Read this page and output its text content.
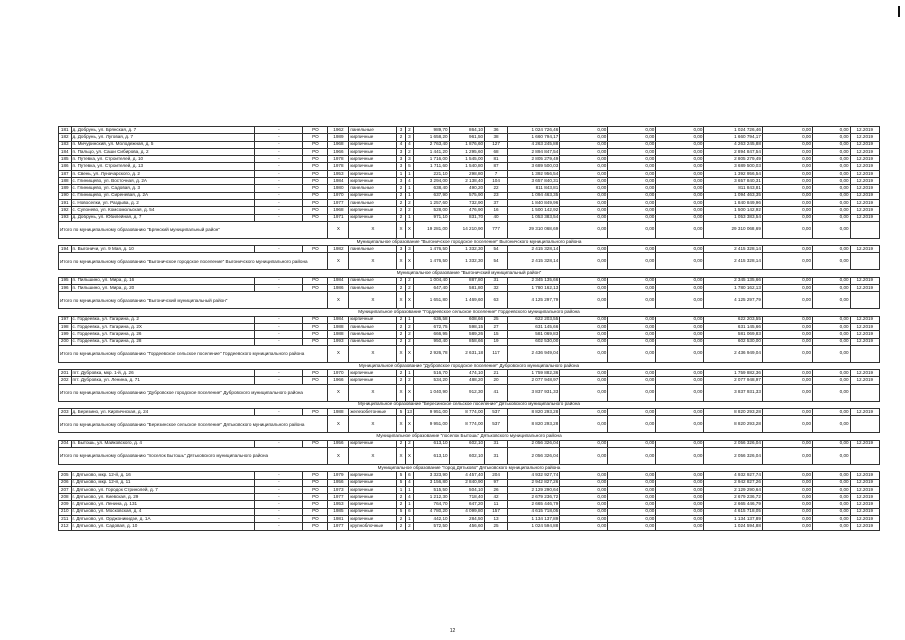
181	д. Добрунь, ул. Брянская, д. 7	-	РО	1962	панельные	3	2	989,70	864,10	36	1 024 726,46	0,00	0,00	0,00	1 024 726,46	0,00	0,00	12.2019
182	д. Добрунь, ул. Луговая, д. 7	-	РО	1989	кирпичные	2	3	1 658,20	961,50	38	1 660 794,17	0,00	0,00	0,00	1 660 794,17	0,00	0,00	12.2019
183	п. Мичуринский, ул. Молодежная, д. 5	-	РО	1968	кирпичные	4	4	2 763,40	1 876,60	127	4 263 245,88	0,00	0,00	0,00	4 263 245,88	0,00	0,00	12.2019
184	п. Пальцо, ул. Саши Сибирова, д. 2	-	РО	1966	кирпичные	3	2	1 441,20	1 295,60	68	2 894 847,54	0,00	0,00	0,00	2 894 847,54	0,00	0,00	12.2019
185	п. Путевка, ул. Строителей, д. 10	-	РО	1978	кирпичные	3	3	1 716,00	1 545,00	81	2 805 279,49	0,00	0,00	0,00	2 805 279,49	0,00	0,00	12.2019
186	п. Путевка, ул. Строителей, д. 13	-	РО	1978	кирпичные	3	5	1 711,60	1 540,80	87	3 689 500,03	0,00	0,00	0,00	3 689 500,03	0,00	0,00	12.2019
187	п. Свень, ул. Луначарского, д. 2	-	РО	1953	кирпичные	1	1	221,10	298,80	7	1 392 956,54	0,00	0,00	0,00	1 392 956,54	0,00	0,00	12.2019
188	с. Глинищево, ул. Восточная, д. 2А	-	РО	1984	кирпичные	3	4	3 294,00	2 138,40	104	3 657 840,31	0,00	0,00	0,00	3 657 840,31	0,00	0,00	12.2019
189	с. Глинищево, ул. Садовая, д. 3	-	РО	1980	панельные	2	1	638,40	490,20	22	811 843,81	0,00	0,00	0,00	811 843,81	0,00	0,00	12.2019
190	с. Глинищево, ул. Сиреневая, д. 2А	-	РО	1970	кирпичные	2	1	637,90	575,90	23	1 094 463,35	0,00	0,00	0,00	1 094 463,35	0,00	0,00	12.2019
191	с. Новоселки, ул. Раздыва, д. 2	-	РО	1977	панельные	2	2	1 257,60	732,90	37	1 840 849,96	0,00	0,00	0,00	1 840 849,96	0,00	0,00	12.2019
192	с. Супонево, ул. Комсомольская, д. 54	-	РО	1968	кирпичные	2	2	528,00	476,90	16	1 500 142,92	0,00	0,00	0,00	1 500 142,92	0,00	0,00	12.2019
193	д. Добрунь, ул. Юбилейная, д. 7	-	РО	1971	кирпичные	2	1	971,10	831,70	40	1 053 383,54	0,00	0,00	0,00	1 053 383,54	0,00	0,00	12.2019
Итого по муниципальному образованию "Брянский муниципальный район"				X	X	X	X	19 281,00	14 210,90	777	29 310 068,69	0,00	0,00	0,00	29 310 068,69	0,00	0,00	
Муниципальное образование "Выгоничское городское поселение" Выгоничского муниципального района																		
194	п. Выгоничи, ул. 9 Мая, д. 10	-	РО	1982	панельные	3	3	1 476,50	1 332,30	54	2 415 328,14	0,00	0,00	0,00	2 415 328,14	0,00	0,00	12.2019
Итого по муниципальному образованию "Выгоничское городское поселение" Выгоничского муниципального района				X	X	X	X	1 476,50	1 332,30	54	2 415 328,14	0,00	0,00	0,00	2 415 328,14	0,00	0,00	
Муниципальное образование "Выгоничский муниципальный район"																		
195	п. Пильшино, ул. Мира, д. 16	-	РО	1984	панельные	2	2	1 004,40	887,80	31	2 345 135,66	0,00	0,00	0,00	2 345 135,66	0,00	0,00	12.2019
196	п. Пильшино, ул. Мира, д. 20	-	РО	1986	панельные	2	2	647,40	581,80	32	1 780 162,13	0,00	0,00	0,00	1 780 162,13	0,00	0,00	12.2019
Итого по муниципальному образованию "Выгоничский муниципальный район"				X	X	X	X	1 651,80	1 469,60	63	4 125 297,79	0,00	0,00	0,00	4 125 297,79	0,00	0,00	
Муниципальное образование "Гордеевское сельское поселение" Гордеевского муниципального района																		
197	с. Гордеевка, ул. Гагарина, д. 2	-	РО	1984	кирпичные	2	1	636,58	608,66	25	622 203,55	0,00	0,00	0,00	622 203,55	0,00	0,00	12.2019
198	с. Гордеевка, ул. Гагарина, д. 2Х	-	РО	1988	панельные	2	2	672,75	598,15	27	631 145,66	0,00	0,00	0,00	631 145,66	0,00	0,00	12.2019
199	с. Гордеевка, ул. Гагарина, д. 26	-	РО	1988	панельные	2	2	666,95	589,26	15	581 069,83	0,00	0,00	0,00	581 069,83	0,00	0,00	12.2019
200	с. Гордеевка, ул. Гагарина, д. 28	-	РО	1993	панельные	2	2	950,40	858,66	19	602 530,00	0,00	0,00	0,00	602 530,00	0,00	0,00	12.2019
Итого по муниципальному образованию "Гордеевское сельское поселение" Гордеевского муниципального района				X	X	X	X	2 926,78	2 631,18	117	2 436 949,04	0,00	0,00	0,00	2 436 949,04	0,00	0,00	
Муниципальное образование "Дубровское городское поселение" Дубровского муниципального района																		
201	пгт. Дубровка, мкр. 1-й, д. 26	-	РО	1970	кирпичные	2	1	516,70	474,10	21	1 759 882,36	0,00	0,00	0,00	1 759 882,36	0,00	0,00	12.2019
202	пгт. Дубровка, ул. Ленина, д. 71	-	РО	1966	кирпичные	2	2	534,20	488,20	20	2 077 948,97	0,00	0,00	0,00	2 077 948,97	0,00	0,00	12.2019
Итого по муниципальному образованию "Дубровское городское поселение" Дубровского муниципального района				X	X	X	X	1 040,90	912,30	41	3 837 931,33	0,00	0,00	0,00	3 837 931,33	0,00	0,00	
Муниципальное образование "Бересинское сельское поселение" Дятьковского муниципального района																		
203	д. Березино, ул. Кирпичнская, д. 24	-	РО	1988	железобетонные	5	13	9 951,00	8 774,00	537	8 820 293,28	0,00	0,00	0,00	8 820 293,28	0,00	0,00	12.2019
Итого по муниципальному образованию "Березинское сельское поселение" Дятьковского муниципального района				X	X	X	X	9 951,00	8 774,00	537	8 820 293,28	0,00	0,00	0,00	8 820 293,28	0,00	0,00	
Муниципальное образование "поселок Бытошь" Дятьковского муниципального района																		
204	п. Бытошь, ул. Майковского, д. 4	-	РО	1956	кирпичные	2	2	613,10	602,10	31	2 056 326,04	0,00	0,00	0,00	2 056 326,04	0,00	0,00	12.2019
Итого по муниципальному образованию "поселок Бытошь" Дятьковского муниципального района				X	X	X	X	613,10	602,10	31	2 056 326,04	0,00	0,00	0,00	2 056 326,04	0,00	0,00	
Муниципальное образование "город Дятьково" Дятьковского муниципального района																		
205	г. Дятьково, мкр. 12-й, д. 16	-	РО	1979	кирпичные	5	6	3 323,90	4 457,40	204	4 932 927,74	0,00	0,00	0,00	4 932 927,74	0,00	0,00	12.2019
206	г. Дятьково, мкр. 12-й, д. 11	-	РО	1956	кирпичные	5	4	3 156,80	2 840,90	97	2 942 827,26	0,00	0,00	0,00	2 942 827,26	0,00	0,00	12.2019
207	г. Дятьково, ул. Городок Стринолей, д. 7	-	РО	1973	кирпичные	1	1	515,50	504,10	26	2 129 290,64	0,00	0,00	0,00	2 129 290,64	0,00	0,00	12.2019
208	г. Дятьково, ул. Киевская, д. 29	-	РО	1977	кирпичные	2	4	1 212,30	718,40	42	2 679 236,72	0,00	0,00	0,00	2 679 236,72	0,00	0,00	12.2019
209	г. Дятьково, ул. Ленина, д. 131	-	РО	1953	кирпичные	2	1	764,70	647,20	11	2 665 446,79	0,00	0,00	0,00	2 665 446,79	0,00	0,00	12.2019
210	г. Дятьково, ул. Московская, д. 4	-	РО	1985	кирпичные	5	6	4 780,20	4 099,80	157	4 615 718,05	0,00	0,00	0,00	4 615 718,05	0,00	0,00	12.2019
211	г. Дятьково, ул. Орджоникидзе, д. 1А	-	РО	1981	кирпичные	2	1	442,10	284,50	13	1 134 137,89	0,00	0,00	0,00	1 134 137,89	0,00	0,00	12.2019
212	г. Дятьково, ул. Садовая, д. 10	-	РО	1977	крупноблочные	2	2	572,50	456,60	25	1 024 594,88	0,00	0,00	0,00	1 024 594,88	0,00	0,00	12.2019
12
